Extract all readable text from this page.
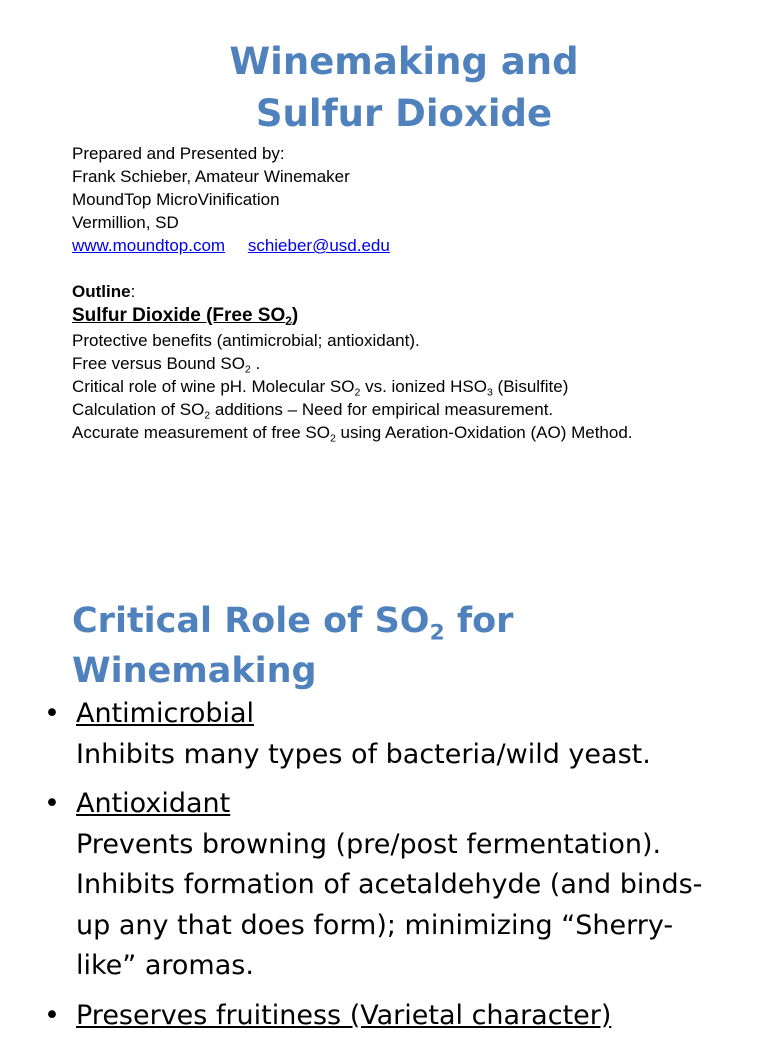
Winemaking and
Sulfur Dioxide
Prepared and Presented by:
Frank Schieber, Amateur Winemaker
MoundTop MicroVinification
Vermillion, SD
www.moundtop.com schieber@usd.edu
Outline:
Sulfur Dioxide (Free $SO_2$)
Protective benefits (antimicrobial; antioxidant).
Free versus Bound $SO_2$ .
Critical role of wine pH. Molecular $SO_2$ vs. ionized $HSO_3$ (Bisulfite)
Calculation of $SO_2$ additions – Need for empirical measurement.
Accurate measurement of free $SO_2$ using Aeration-Oxidation (AO) Method.
Critical Role of $SO_2$ for Winemaking
• Antimicrobial
Inhibits many types of bacteria/wild yeast.
• Antioxidant
Prevents browning (pre/post fermentation).
Inhibits formation of acetaldehyde (and binds-
up any that does form); minimizing “Sherry-
like” aromas.
• Preserves fruitiness (Varietal character)
